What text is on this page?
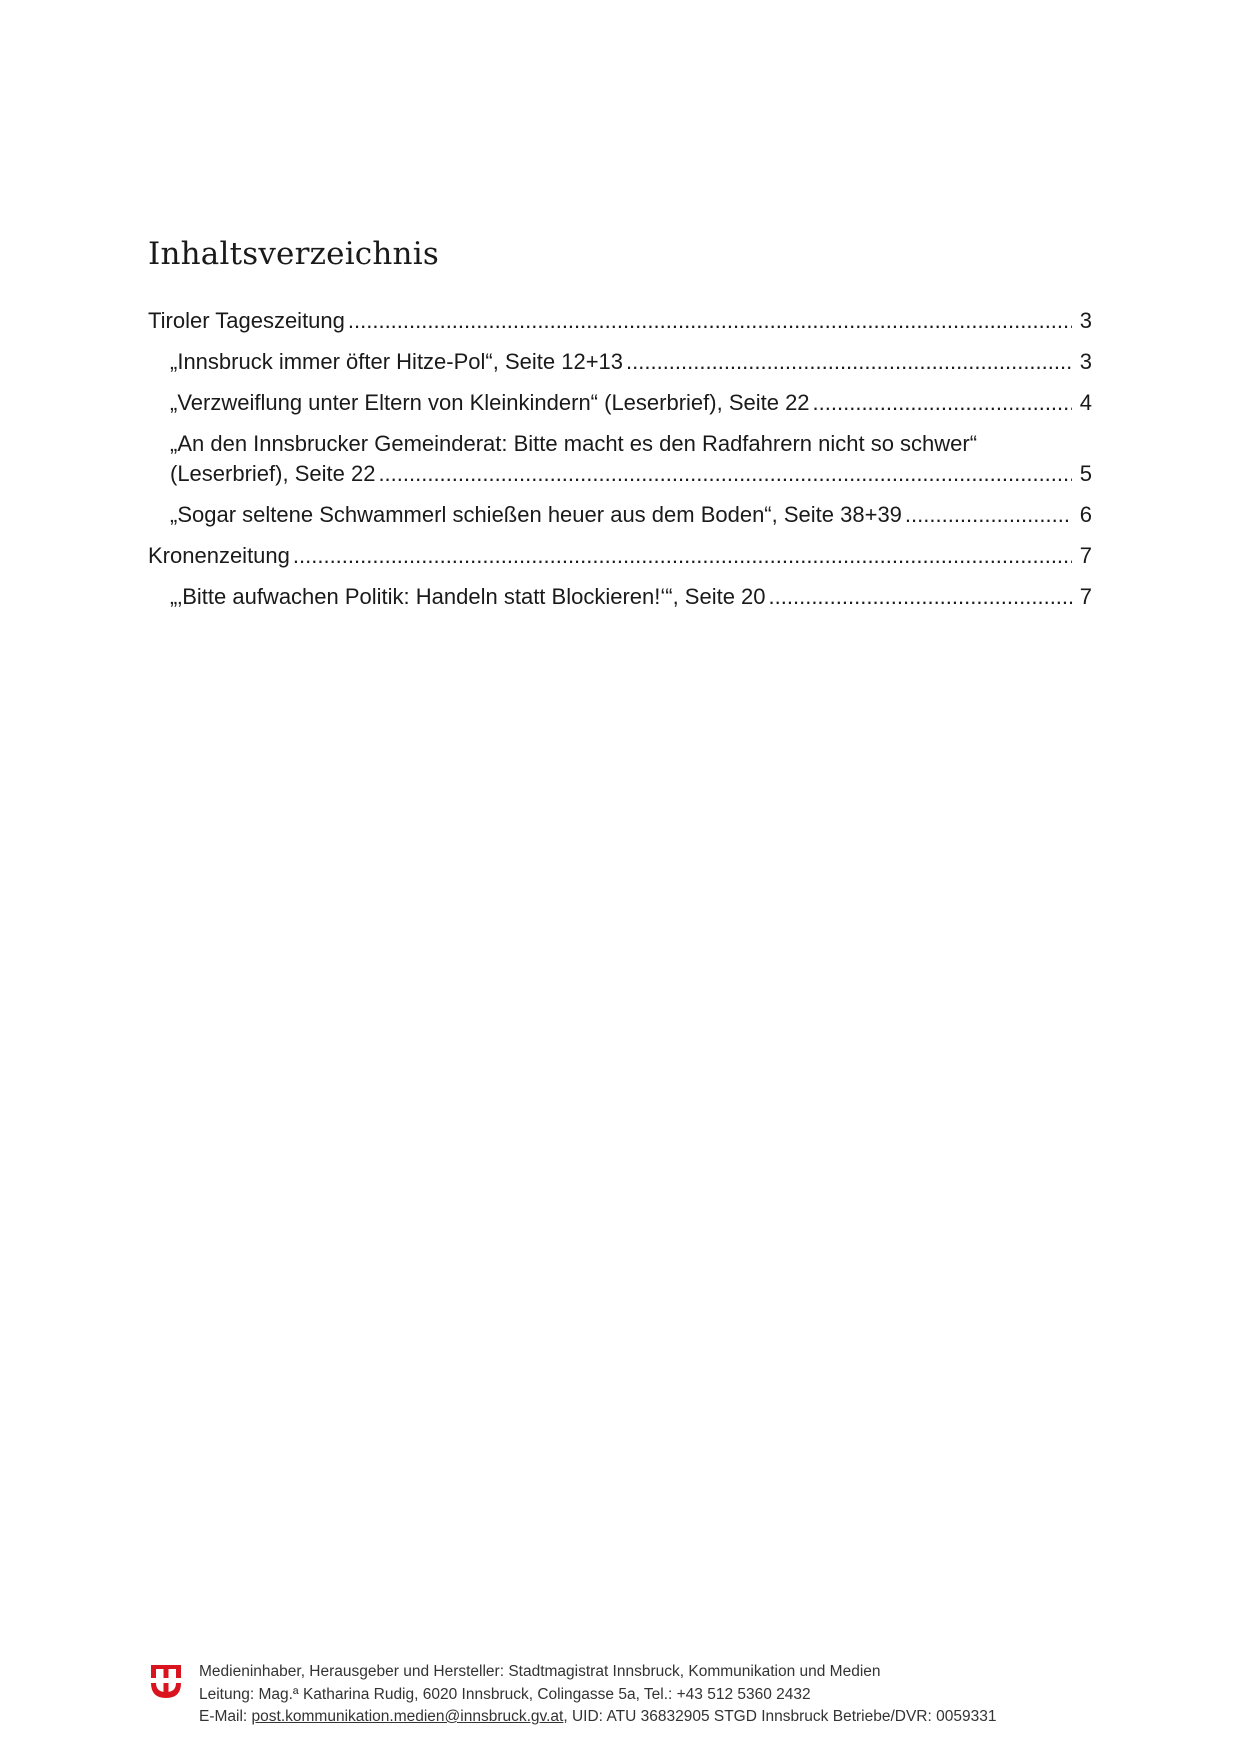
Inhaltsverzeichnis
Tiroler Tageszeitung .....	3
„Innsbruck immer öfter Hitze-Pol“, Seite 12+13 .....	3
„Verzweiflung unter Eltern von Kleinkindern“ (Leserbrief), Seite 22 .....	4
„An den Innsbrucker Gemeinderat: Bitte macht es den Radfahrern nicht so schwer“
(Leserbrief), Seite 22 .....	5
„Sogar seltene Schwammerl schießen heuer aus dem Boden“, Seite 38+39 .....	6
Kronenzeitung .....	7
„‚Bitte aufwachen Politik: Handeln statt Blockieren!‘“, Seite 20 .....	7
Medieninhaber, Herausgeber und Hersteller: Stadtmagistrat Innsbruck, Kommunikation und Medien
Leitung: Mag.ª Katharina Rudig, 6020 Innsbruck, Colingasse 5a, Tel.: +43 512 5360 2432
E-Mail: post.kommunikation.medien@innsbruck.gv.at, UID: ATU 36832905 STGD Innsbruck Betriebe/DVR: 0059331
